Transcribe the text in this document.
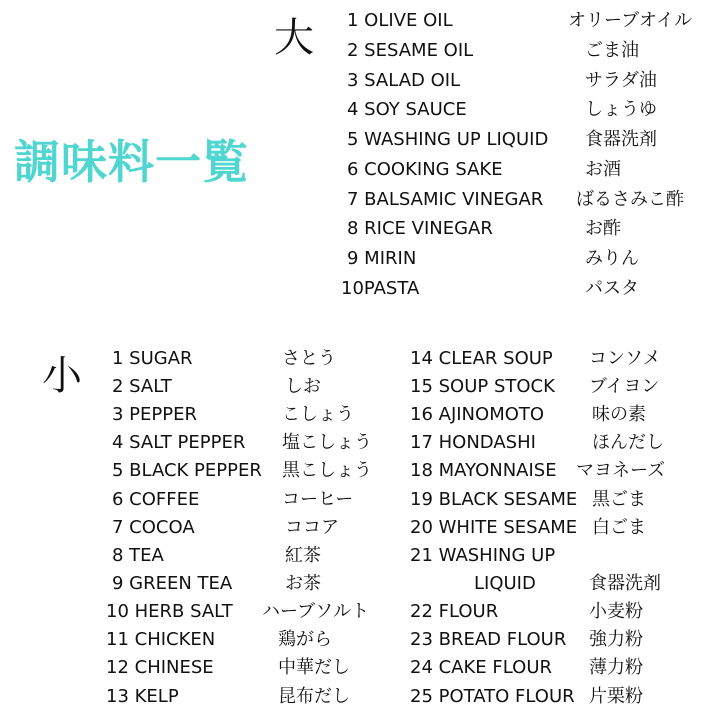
調味料一覧
大
小
1 OLIVE OIL	オリーブオイル
2 SESAME OIL	ごま油
3 SALAD OIL	サラダ油
4 SOY SAUCE	しょうゆ
5 WASHING UP LIQUID 食器洗剤
6 COOKING SAKE	お酒
7 BALSAMIC VINEGAR ばるさみこ酢
8 RICE VINEGAR	お酢
9 MIRIN	みりん
10PASTA	パスタ
1 SUGAR	さとう
2 SALT	しお
3 PEPPER	こしょう
4 SALT PEPPER 塩こしょう
5 BLACK PEPPER 黒こしょう
6 COFFEE	コーヒー
7 COCOA	ココア
8 TEA	紅茶
9 GREEN TEA	お茶
10 HERB SALT ハーブソルト
11 CHICKEN	鶏がら
12 CHINESE	中華だし
13 KELP	昆布だし
14 CLEAR SOUP コンソメ
15 SOUP STOCK ブイヨン
16 AJINOMOTO	味の素
17 HONDASHI	ほんだし
18 MAYONNAISE マヨネーズ
19 BLACK SESAME 黒ごま
20 WHITE SESAME 白ごま
21 WASHING UP
LIQUID	食器洗剤
22 FLOUR	小麦粉
23 BREAD FLOUR 強力粉
24 CAKE FLOUR 薄力粉
25 POTATO FLOUR 片栗粉
